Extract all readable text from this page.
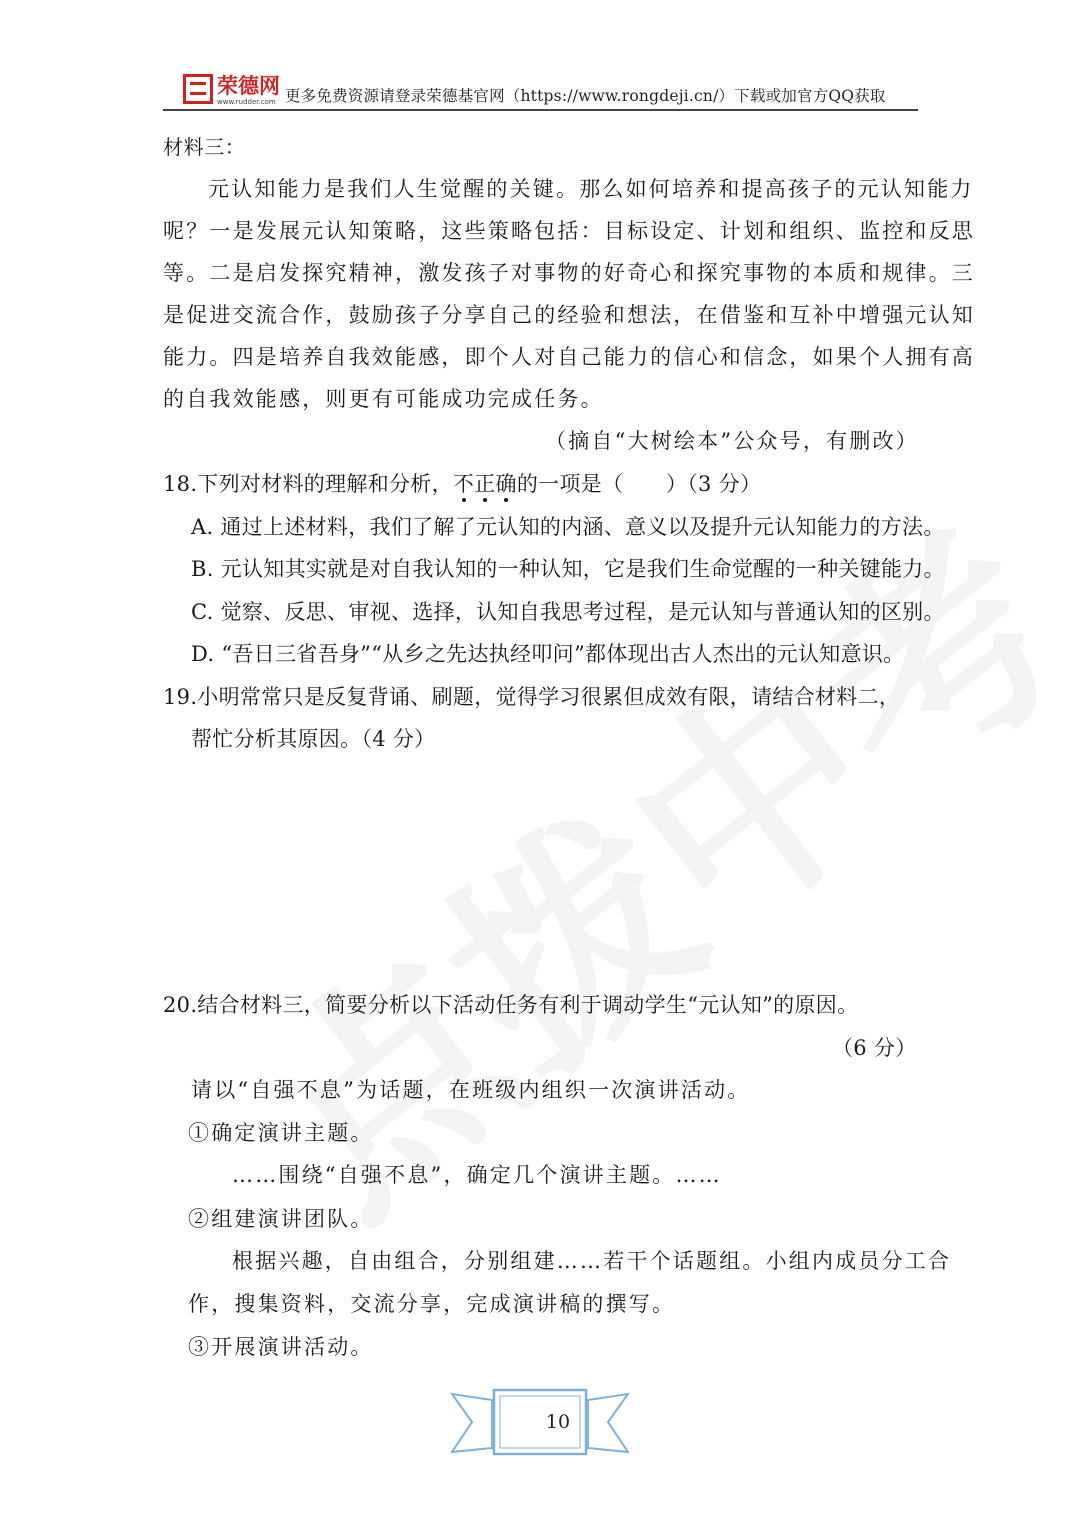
荣德网
www.rudder.com 更多免费资源请登录荣德基官网（https://www.rongdeji.cn/）下载或加官方QQ获取
材料三：
元认知能力是我们人生觉醒的关键。那么如何培养和提高孩子的元认知能力
呢？一是发展元认知策略，这些策略包括：目标设定、计划和组织、监控和反思
等。二是启发探究精神，激发孩子对事物的好奇心和探究事物的本质和规律。三
是促进交流合作，鼓励孩子分享自己的经验和想法，在借鉴和互补中增强元认知
能力。四是培养自我效能感，即个人对自己能力的信心和信念，如果个人拥有高
的自我效能感，则更有可能成功完成任务。
（摘自“大树绘本”公众号，有删改）
18.下列对材料的理解和分析，不正确的一项是（　　）（3 分）
A. 通过上述材料，我们了解了元认知的内涵、意义以及提升元认知能力的方法。
B. 元认知其实就是对自我认知的一种认知，它是我们生命觉醒的一种关键能力。
C. 觉察、反思、审视、选择，认知自我思考过程，是元认知与普通认知的区别。
D. “吾日三省吾身”“从乡之先达执经叩问”都体现出古人杰出的元认知意识。
19.小明常常只是反复背诵、刷题，觉得学习很累但成效有限，请结合材料二，
帮忙分析其原因。（4 分）
20.结合材料三，简要分析以下活动任务有利于调动学生“元认知”的原因。
（6 分）
请以“自强不息”为话题，在班级内组织一次演讲活动。
①确定演讲主题。
……围绕“自强不息”，确定几个演讲主题。……
②组建演讲团队。
根据兴趣，自由组合，分别组建……若干个话题组。小组内成员分工合
作，搜集资料，交流分享，完成演讲稿的撰写。
③开展演讲活动。
10
